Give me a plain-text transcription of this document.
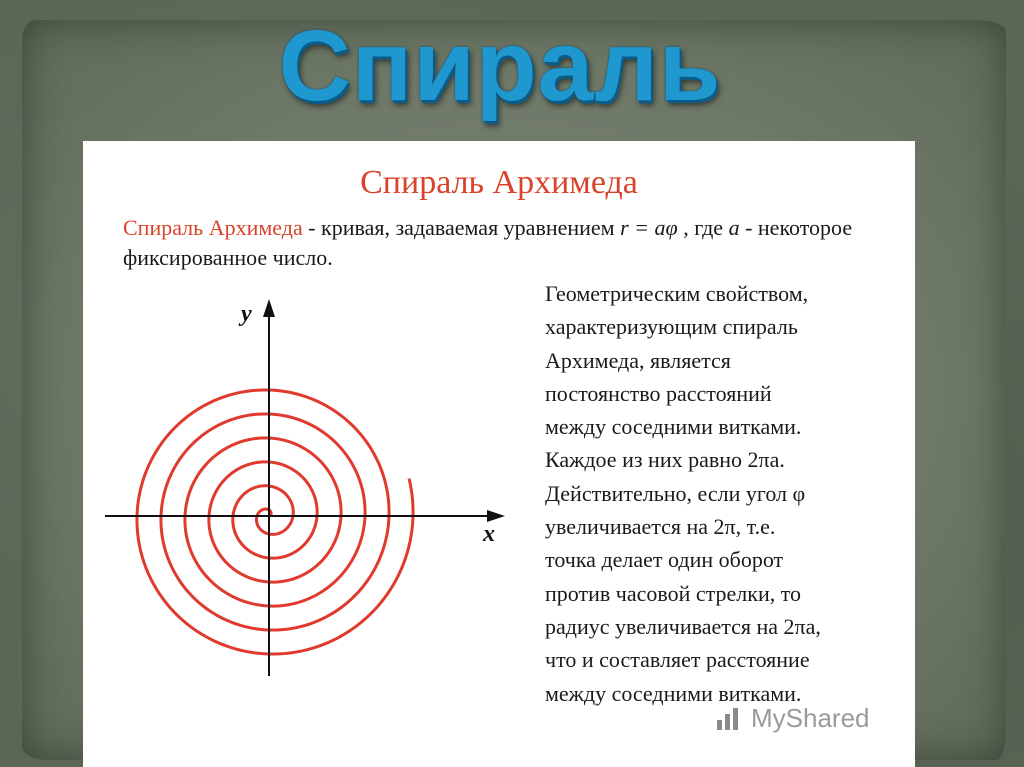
Спираль
Спираль Архимеда
Спираль Архимеда - кривая, задаваемая уравнением r = aφ , где a - некоторое фиксированное число.
x
y
Геометрическим свойством,
характеризующим спираль
Архимеда, является
постоянство расстояний
между соседними витками.
Каждое из них равно 2πa.
Действительно, если угол φ
увеличивается на 2π, т.е.
точка делает один оборот
против часовой стрелки, то
радиус увеличивается на 2πa,
что и составляет расстояние
между соседними витками.
MyShared
